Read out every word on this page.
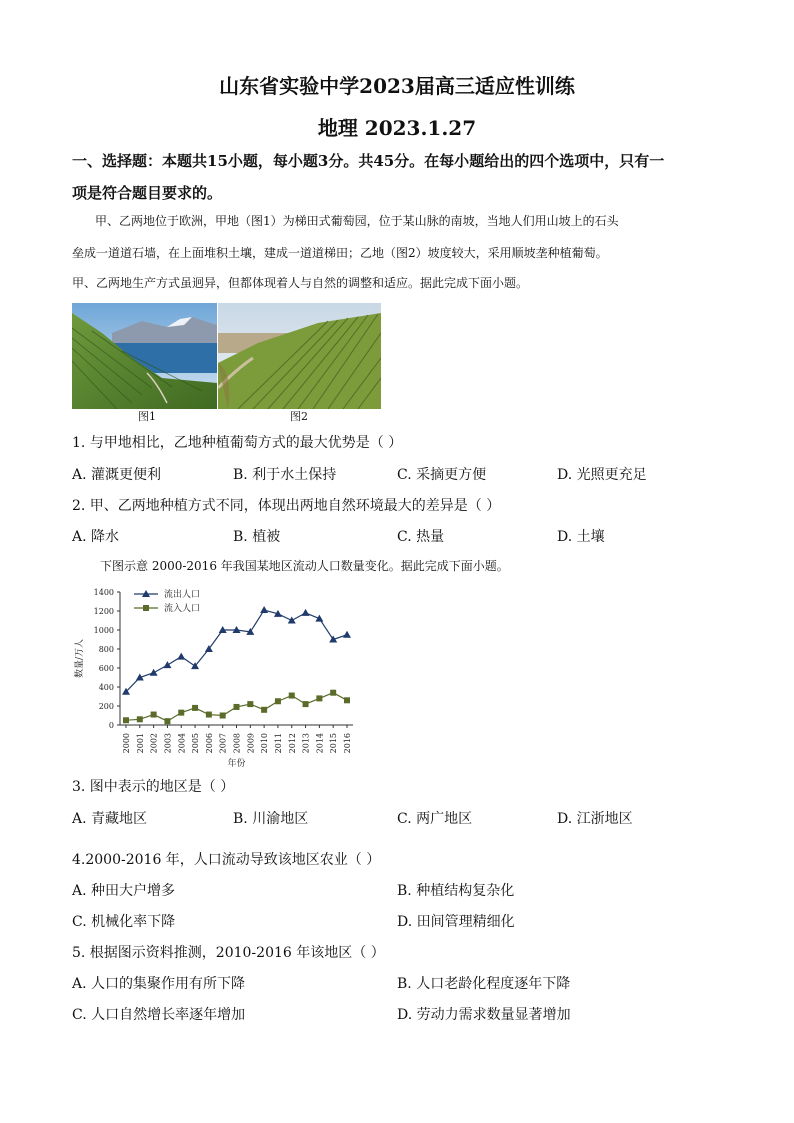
山东省实验中学2023届高三适应性训练
地理 2023.1.27
一、选择题：本题共15小题，每小题3分。共45分。在每小题给出的四个选项中，只有一
项是符合题目要求的。
甲、乙两地位于欧洲，甲地（图1）为梯田式葡萄园，位于某山脉的南坡，当地人们用山坡上的石头
垒成一道道石墙，在上面堆积土壤，建成一道道梯田；乙地（图2）坡度较大，采用顺坡垄种植葡萄。
甲、乙两地生产方式虽迥异，但都体现着人与自然的调整和适应。据此完成下面小题。
图1	图2
1. 与甲地相比，乙地种植葡萄方式的最大优势是（ ）
A. 灌溉更便利	B. 利于水土保持	C. 采摘更方便	D. 光照更充足
2. 甲、乙两地种植方式不同，体现出两地自然环境最大的差异是（ ）
A. 降水	B. 植被	C. 热量	D. 土壤
下图示意 2000-2016 年我国某地区流动人口数量变化。据此完成下面小题。
0
200
400
600
800
1000
1200
1400
2000 2001 2002 2003 2004 2005 2006 2007 2008 2009 2010 2011 2012 2013 2014 2015 2016
数量/万人
年份
流出人口
流入人口
3. 图中表示的地区是（ ）
A. 青藏地区	B. 川渝地区	C. 两广地区	D. 江浙地区
4.2000-2016 年，人口流动导致该地区农业（ ）
A. 种田大户增多	B. 种植结构复杂化
C. 机械化率下降	D. 田间管理精细化
5. 根据图示资料推测，2010-2016 年该地区（ ）
A. 人口的集聚作用有所下降	B. 人口老龄化程度逐年下降
C. 人口自然增长率逐年增加	D. 劳动力需求数量显著增加
